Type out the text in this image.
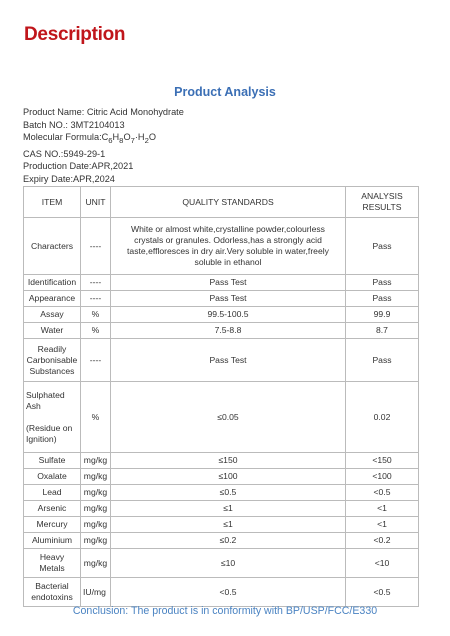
Description
Product Analysis
Product Name: Citric Acid Monohydrate
Batch NO.: 3MT2104013
Molecular $Formula:C_6H_8O_7\cdot H_2O$
CAS NO.:5949-29-1
Production Date:APR,2021
Expiry Date:APR,2024
ITEM	UNIT	QUALITY STANDARDS	ANALYSIS
RESULTS
Characters	----	White or almost white,crystalline powder,colourless
crystals or granules. Odorless,has a strongly acid
taste,effloresces in dry air.Very soluble in water,freely
soluble in ethanol	Pass
Identification	----	Pass Test	Pass
Appearance	----	Pass Test	Pass
Assay	%	99.5-100.5	99.9
Water	%	7.5-8.8	8.7
Readily
Carbonisable
Substances	----	Pass Test	Pass
Sulphated
Ash

(Residue on
Ignition)	%	≤0.05	0.02
Sulfate	mg/kg	≤150	<150
Oxalate	mg/kg	≤100	<100
Lead	mg/kg	≤0.5	<0.5
Arsenic	mg/kg	≤1	<1
Mercury	mg/kg	≤1	<1
Aluminium	mg/kg	≤0.2	<0.2
Heavy
Metals	mg/kg	≤10	<10
Bacterial
endotoxins	IU/mg	<0.5	<0.5
Conclusion: The product is in conformity with BP/USP/FCC/E330
